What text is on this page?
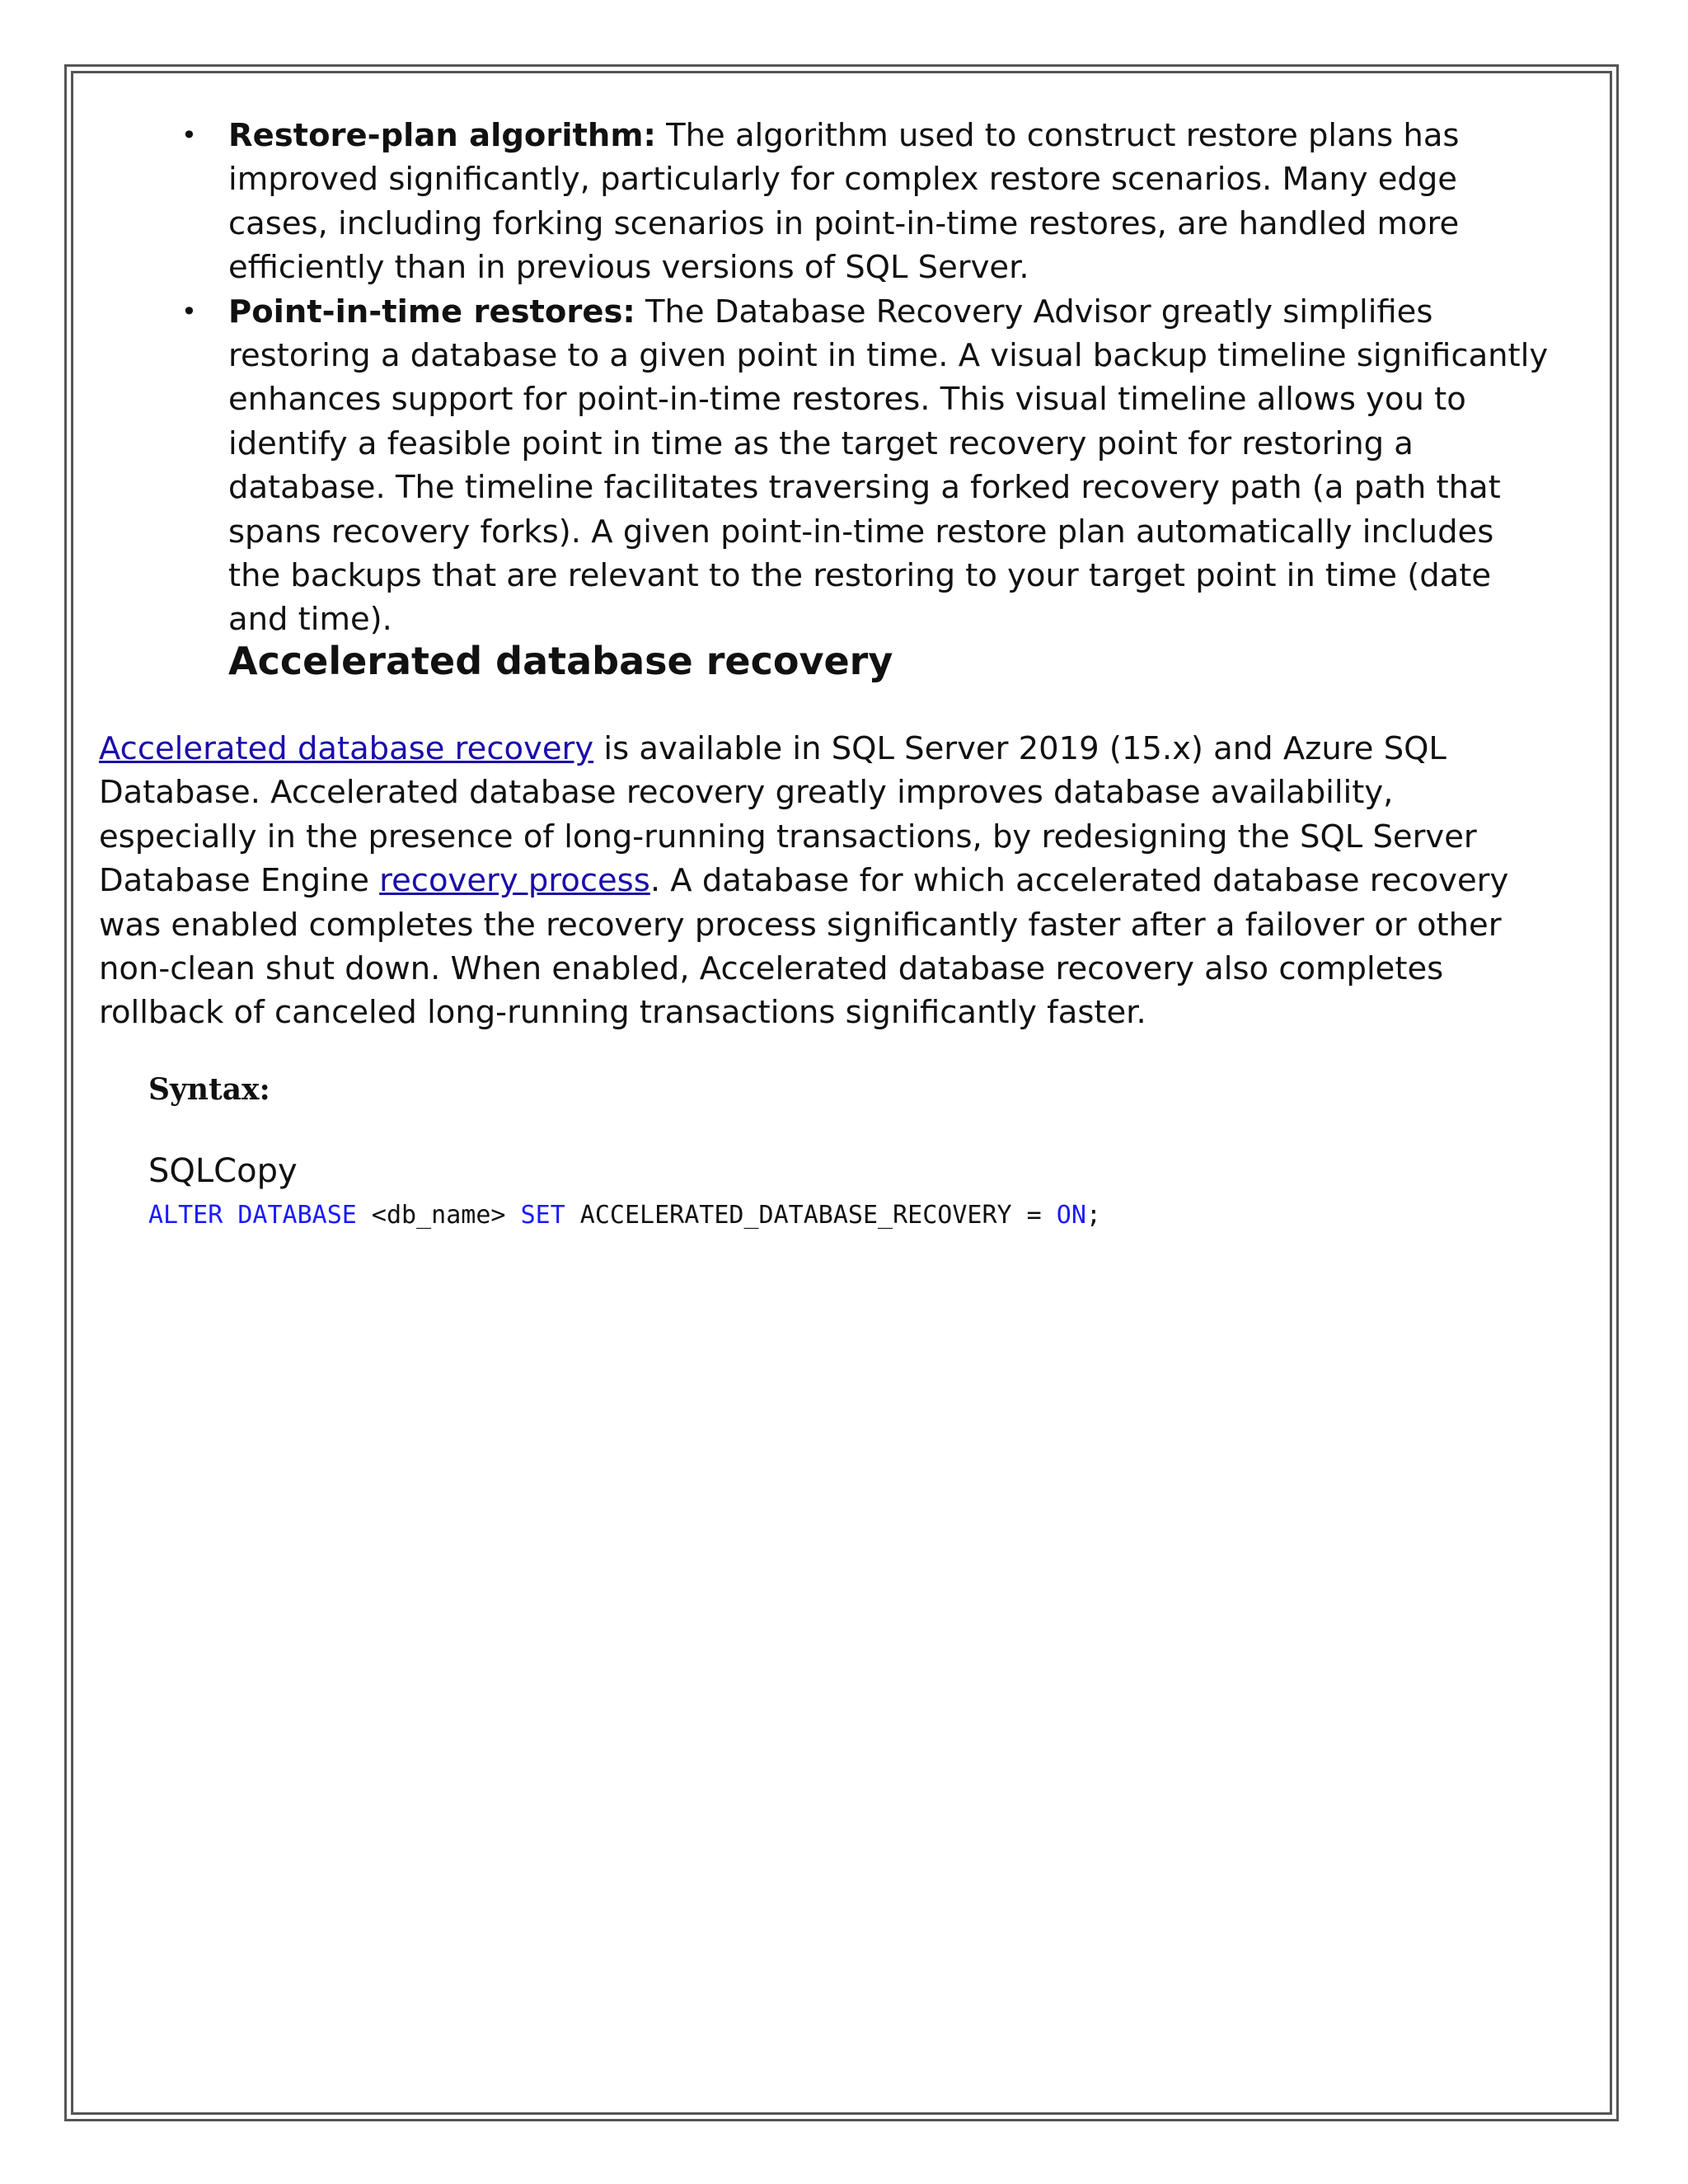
• Restore-plan algorithm: The algorithm used to construct restore plans has improved significantly, particularly for complex restore scenarios. Many edge cases, including forking scenarios in point-in-time restores, are handled more efficiently than in previous versions of SQL Server.
• Point-in-time restores: The Database Recovery Advisor greatly simplifies restoring a database to a given point in time. A visual backup timeline significantly enhances support for point-in-time restores. This visual timeline allows you to identify a feasible point in time as the target recovery point for restoring a database. The timeline facilitates traversing a forked recovery path (a path that spans recovery forks). A given point-in-time restore plan automatically includes the backups that are relevant to the restoring to your target point in time (date and time).
Accelerated database recovery

Accelerated database recovery is available in SQL Server 2019 (15.x) and Azure SQL Database. Accelerated database recovery greatly improves database availability, especially in the presence of long-running transactions, by redesigning the SQL Server Database Engine recovery process. A database for which accelerated database recovery was enabled completes the recovery process significantly faster after a failover or other non-clean shut down. When enabled, Accelerated database recovery also completes rollback of canceled long-running transactions significantly faster.

Syntax:
SQLCopy
ALTER DATABASE <db_name> SET ACCELERATED_DATABASE_RECOVERY = ON;
